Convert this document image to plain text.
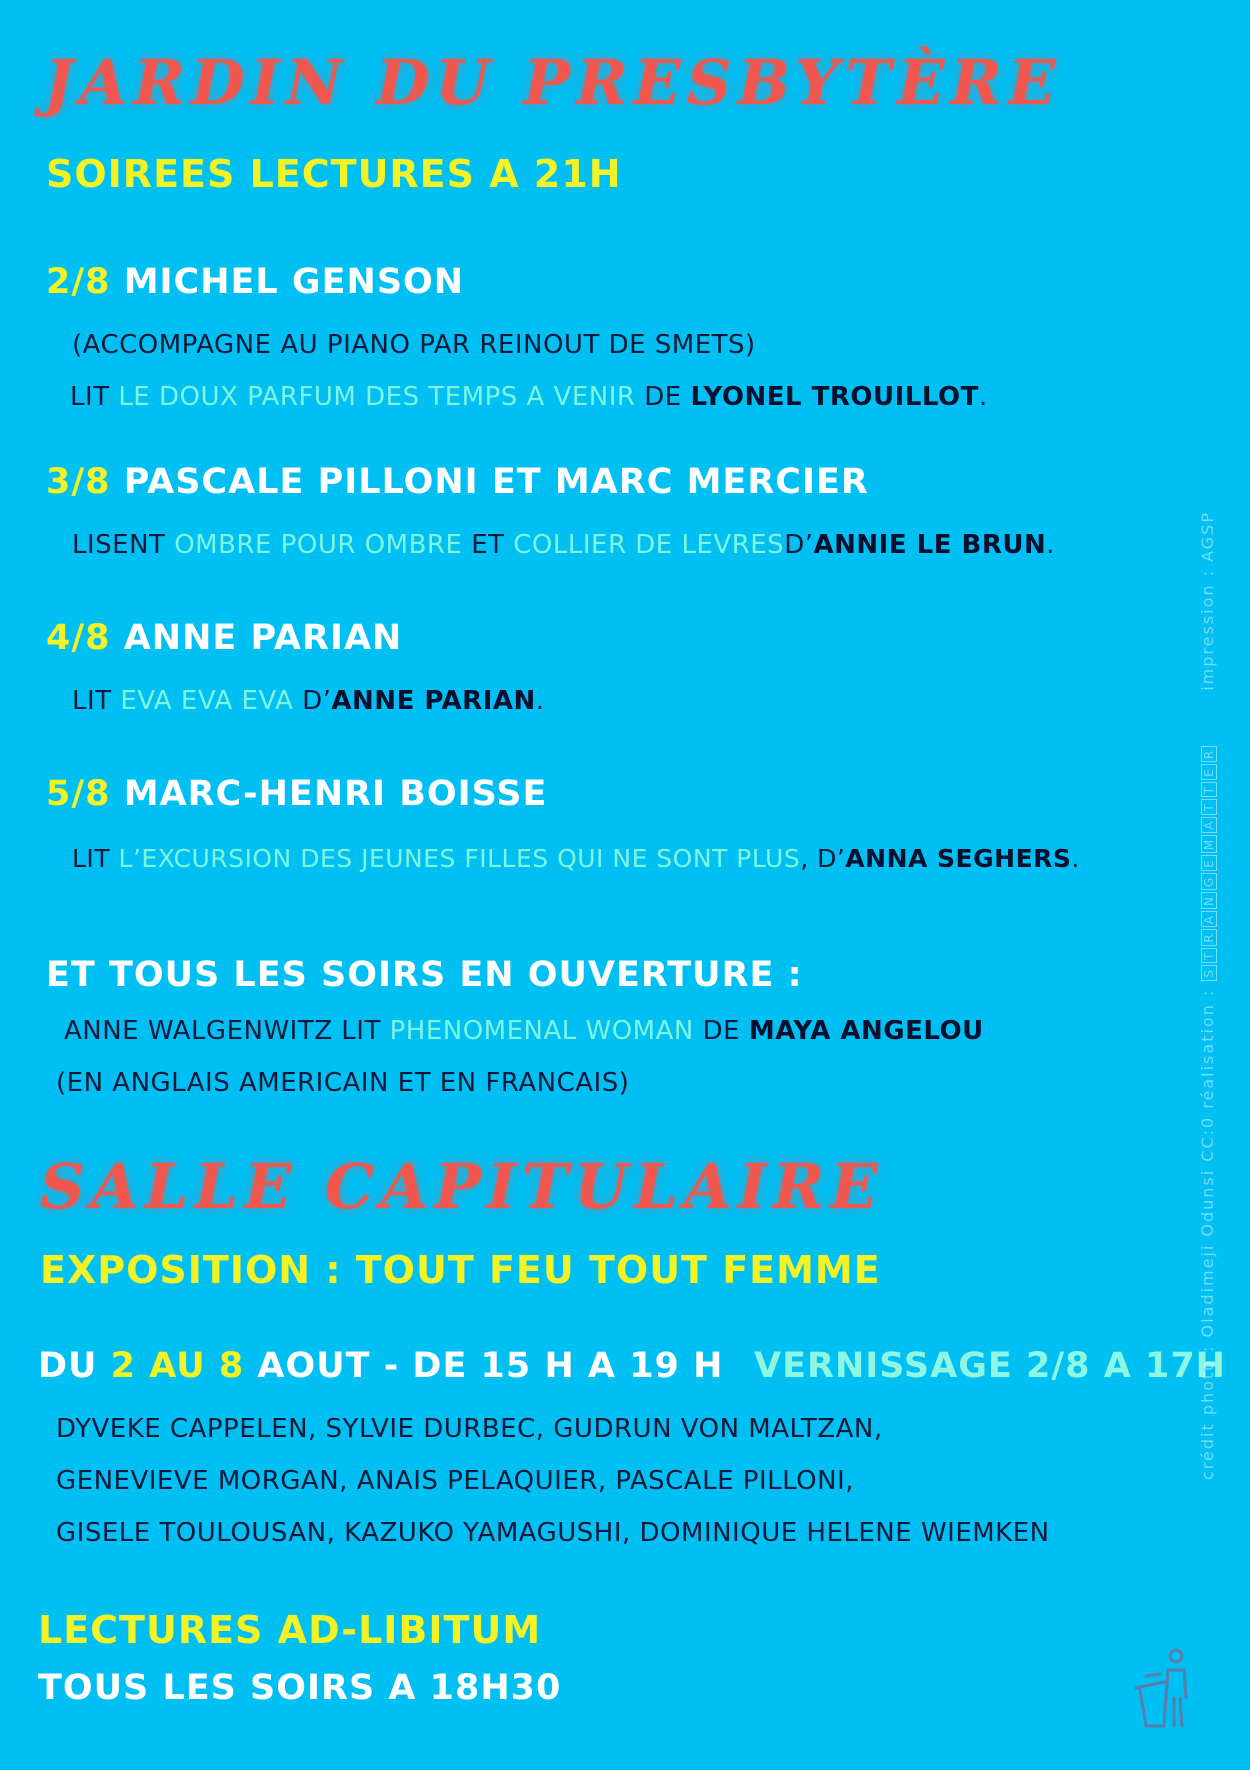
JARDIN DU PRESBYTÈRE
SOIREES LECTURES A 21H
2/8 MICHEL GENSON
(ACCOMPAGNE AU PIANO PAR REINOUT DE SMETS)
LIT LE DOUX PARFUM DES TEMPS A VENIR DE LYONEL TROUILLOT.
3/8 PASCALE PILLONI ET MARC MERCIER
LISENT OMBRE POUR OMBRE ET COLLIER DE LEVRESD’ANNIE LE BRUN.
4/8 ANNE PARIAN
LIT EVA EVA EVA D’ANNE PARIAN.
5/8 MARC-HENRI BOISSE
LIT L’EXCURSION DES JEUNES FILLES QUI NE SONT PLUS, D’ANNA SEGHERS.
ET TOUS LES SOIRS EN OUVERTURE :
ANNE WALGENWITZ LIT PHENOMENAL WOMAN DE MAYA ANGELOU
(EN ANGLAIS AMERICAIN ET EN FRANCAIS)
SALLE CAPITULAIRE
EXPOSITION : TOUT FEU TOUT FEMME
DU 2 AU 8 AOUT - DE 15 H A 19 H VERNISSAGE 2/8 A 17H
DYVEKE CAPPELEN, SYLVIE DURBEC, GUDRUN VON MALTZAN,
GENEVIEVE MORGAN, ANAIS PELAQUIER, PASCALE PILLONI,
GISELE TOULOUSAN, KAZUKO YAMAGUSHI, DOMINIQUE HELENE WIEMKEN
LECTURES AD-LIBITUM
TOUS LES SOIRS A 18H30
crédit photo : Oladimeji Odunsi CC:0 réalisation : STRANGEMATTER  impression : AGSP
